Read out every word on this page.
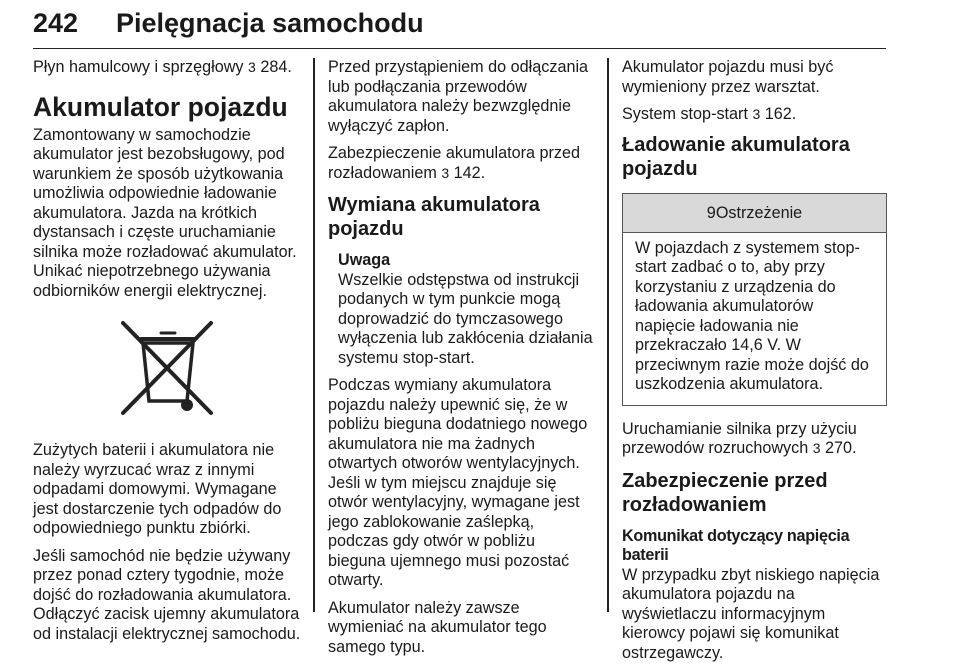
242 Pielęgnacja samochodu

Płyn hamulcowy i sprzęgłowy 3 284.

Akumulator pojazdu

Zamontowany w samochodzie akumulator jest bezobsługowy, pod warunkiem że sposób użytkowania umożliwia odpowiednie ładowanie akumulatora. Jazda na krótkich dystansach i częste uruchamianie silnika może rozładować akumulator. Unikać niepotrzebnego używania odbiorników energii elektrycznej.

Zużytych baterii i akumulatora nie należy wyrzucać wraz z innymi odpadami domowymi. Wymagane jest dostarczenie tych odpadów do odpowiedniego punktu zbiórki.

Jeśli samochód nie będzie używany przez ponad cztery tygodnie, może dojść do rozładowania akumulatora. Odłączyć zacisk ujemny akumulatora od instalacji elektrycznej samochodu.

Przed przystąpieniem do odłączania lub podłączania przewodów akumulatora należy bezwzględnie wyłączyć zapłon.

Zabezpieczenie akumulatora przed rozładowaniem 3 142.

Wymiana akumulatora pojazdu
Uwaga
Wszelkie odstępstwa od instrukcji podanych w tym punkcie mogą doprowadzić do tymczasowego wyłączenia lub zakłócenia działania systemu stop-start.

Podczas wymiany akumulatora pojazdu należy upewnić się, że w pobliżu bieguna dodatniego nowego akumulatora nie ma żadnych otwartych otworów wentylacyjnych. Jeśli w tym miejscu znajduje się otwór wentylacyjny, wymagane jest jego zablokowanie zaślepką, podczas gdy otwór w pobliżu bieguna ujemnego musi pozostać otwarty.

Akumulator należy zawsze wymieniać na akumulator tego samego typu.

Akumulator pojazdu musi być wymieniony przez warsztat.

System stop-start 3 162.

Ładowanie akumulatora pojazdu
9Ostrzeżenie
W pojazdach z systemem stop-start zadbać o to, aby przy korzystaniu z urządzenia do ładowania akumulatorów napięcie ładowania nie przekraczało 14,6 V. W przeciwnym razie może dojść do uszkodzenia akumulatora.

Uruchamianie silnika przy użyciu przewodów rozruchowych 3 270.

Zabezpieczenie przed rozładowaniem
Komunikat dotyczący napięcia baterii

W przypadku zbyt niskiego napięcia akumulatora pojazdu na wyświetlaczu informacyjnym kierowcy pojawi się komunikat ostrzegawczy.
